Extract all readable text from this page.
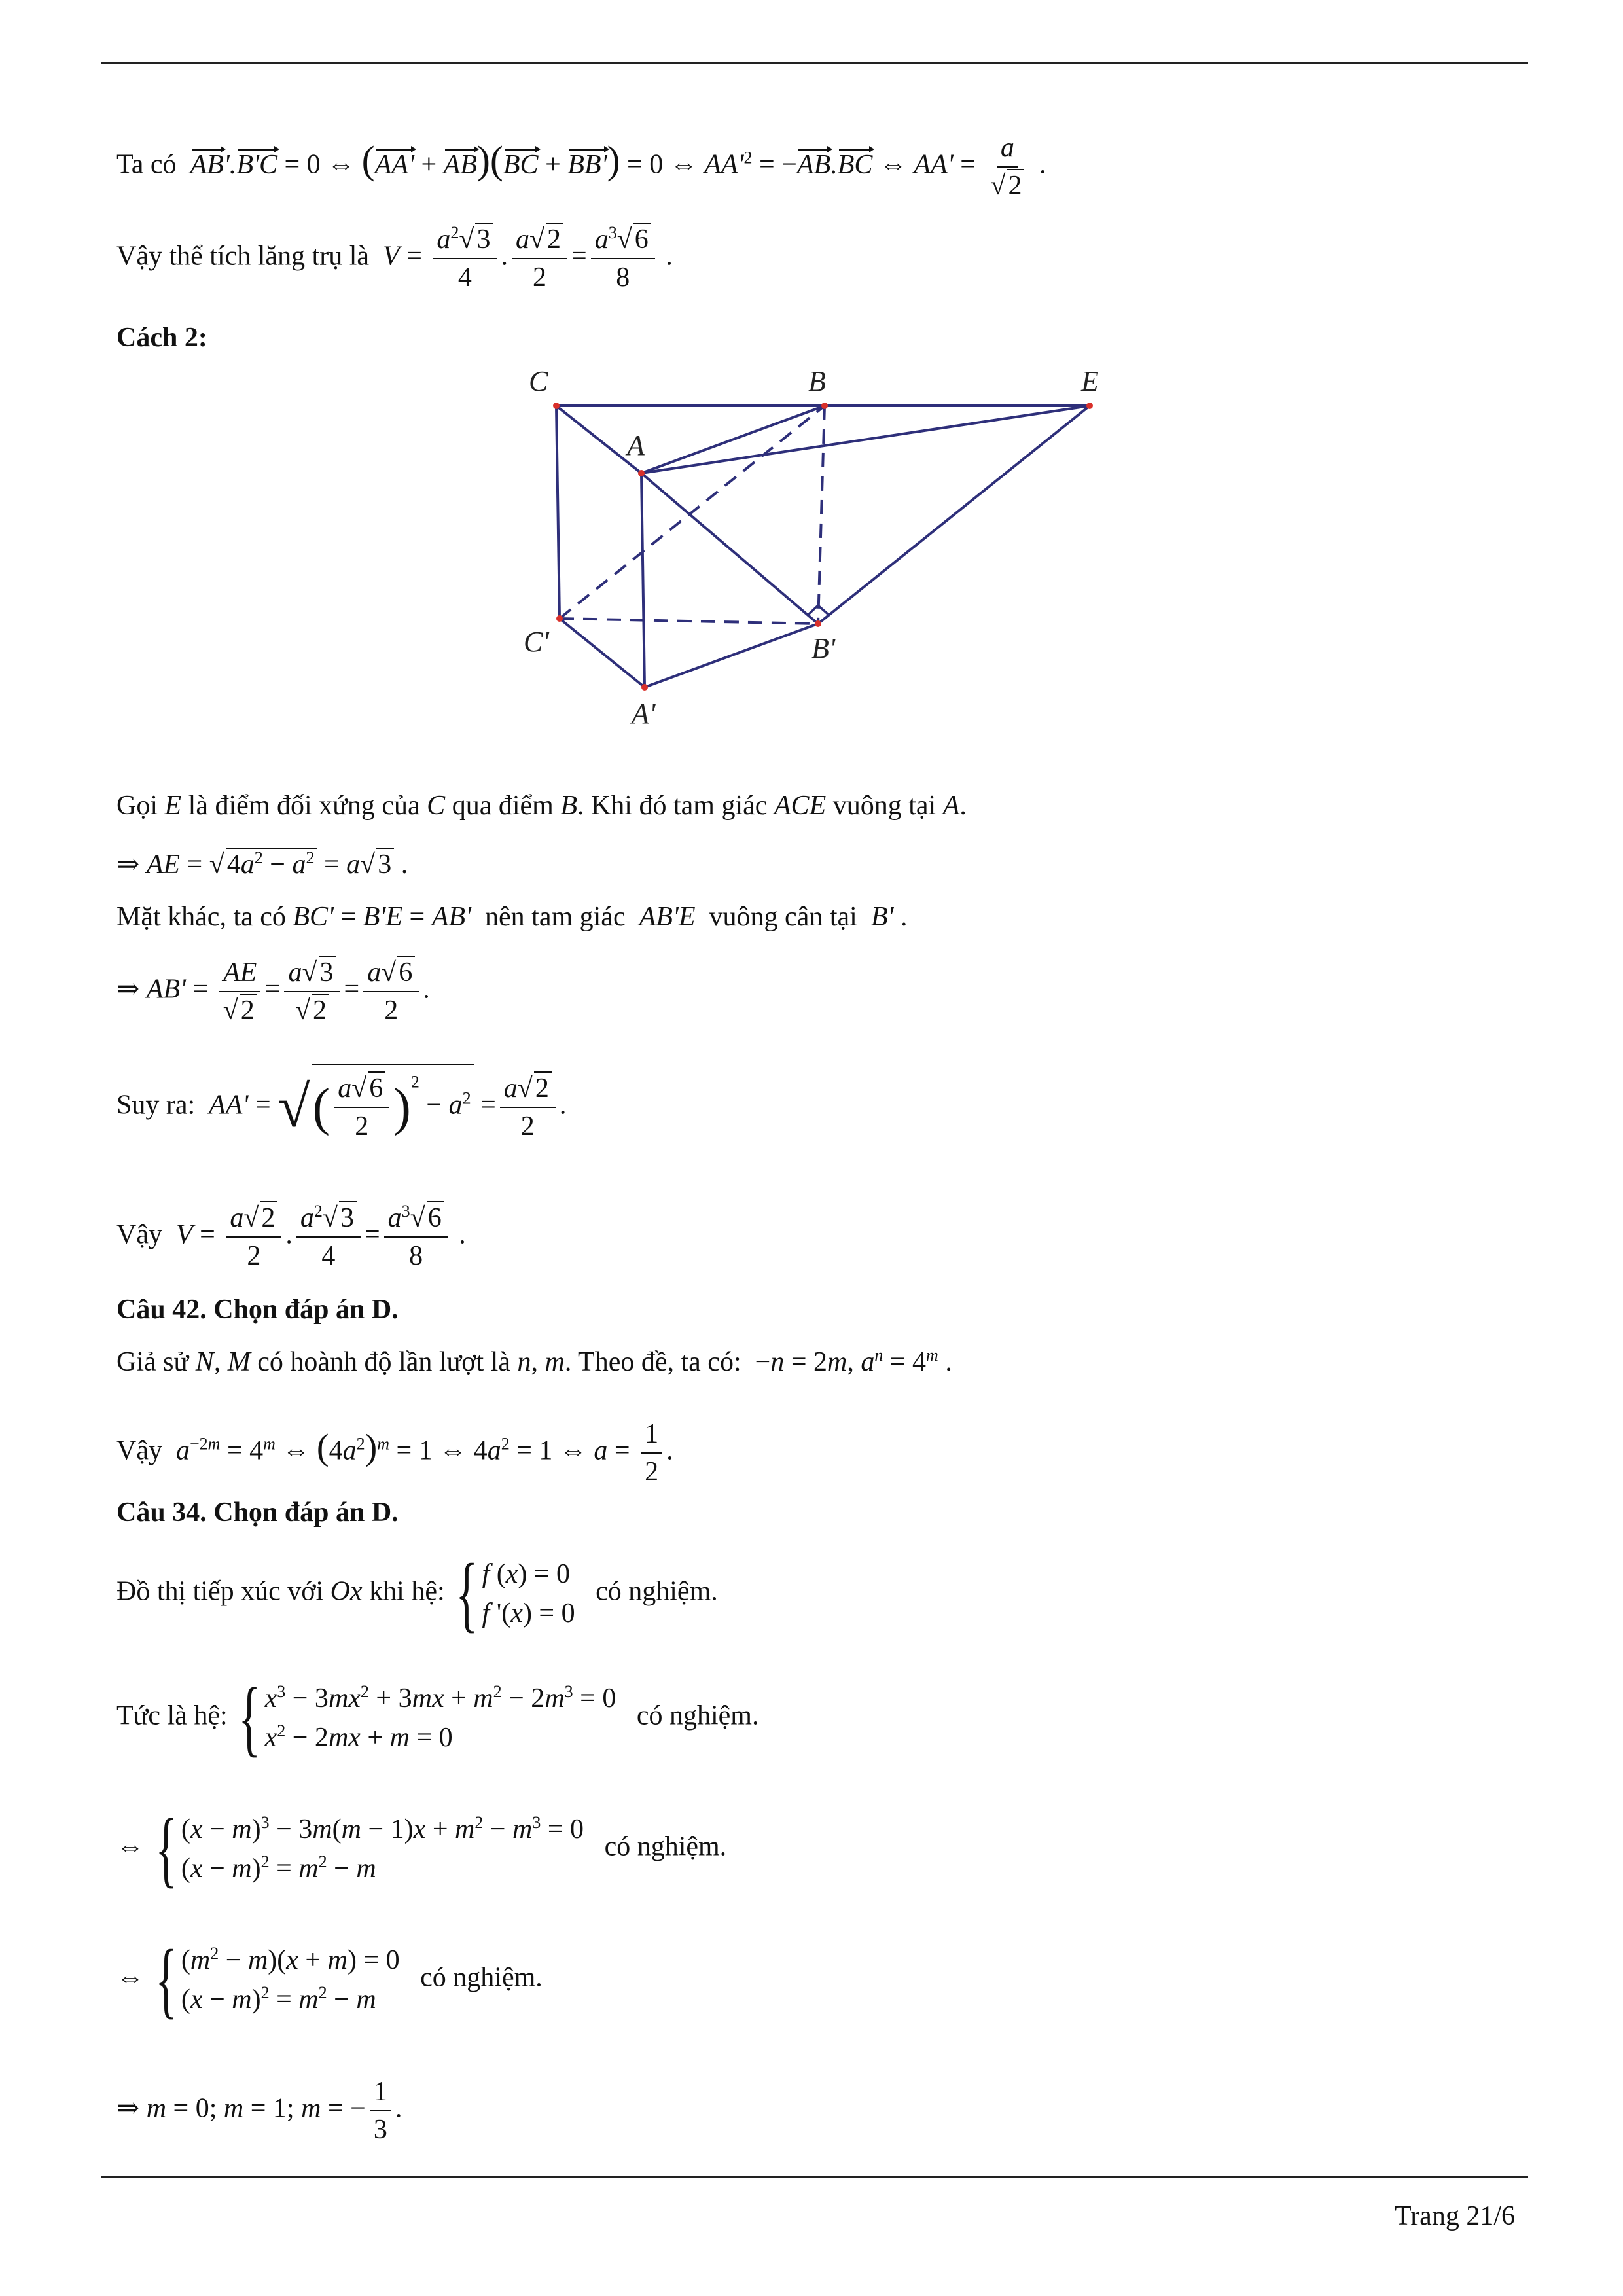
Ta có AB'.B'C = 0 ⇔ (AA' + AB)(BC + BB') = 0 ⇔ $AA'^2 = -AB.BC$ ⇔ $AA' = \frac{a}{√2}$ .
Vậy thể tích lăng trụ là $V = \frac{a^2√3}{4}$ . $\frac{a√2}{2} = \frac{a^3√6}{8}$ .
Cách 2:
C	B	E
A
C'	B'
A'
Gọi E là điểm đối xứng của C qua điểm B. Khi đó tam giác ACE vuông tại A.
⇒ AE = $√4a^2 - a^2 = a√3$ .
Mặt khác, ta có BC' = B'E = AB' nên tam giác AB'E vuông cân tại B' .
⇒ $AB' = \frac{AE}{√2} = \frac{a√3}{√2} = \frac{a√6}{2}$ .
Suy ra: AA' = √( $\frac{a√6}{2} )^2 - a^2 = \frac{a√2}{2}$ .
Vậy $V = \frac{a√2}{2}$ . $\frac{a^2√3}{4} = \frac{a^3√6}{8}$ .
Câu 42. Chọn đáp án D.
Giả sử N, M có hoành độ lần lượt là n, m. Theo đề, ta có:  −n = 2m, $a^n = 4^m$ .
Vậy $a^{-2m} = 4^m$ ⇔ $(4a^2)^m = 1$ ⇔ $4a^2 = 1$ ⇔ $a = \frac{1}{2}$ .
Câu 34. Chọn đáp án D.
Đồ thị tiếp xúc với Ox khi hệ: { f (x) = 0
f '(x) = 0
có nghiệm.
Tức là hệ: { $x^3 - 3mx^2 + 3mx + m^2 - 2m^3 = 0$
$x^2 - 2mx + m = 0$
có nghiệm.
⇔ { $(x - m)^3 - 3m(m - 1)x + m^2 - m^3 = 0$
$(x - m)^2 = m^2 - m$
có nghiệm.
⇔ { $(m^2 - m)(x + m) = 0$
$(x - m)^2 = m^2 - m$
có nghiệm.
⇒ m = 0; m = 1; m = − $\frac{1}{3}$ .
Trang 21/6
